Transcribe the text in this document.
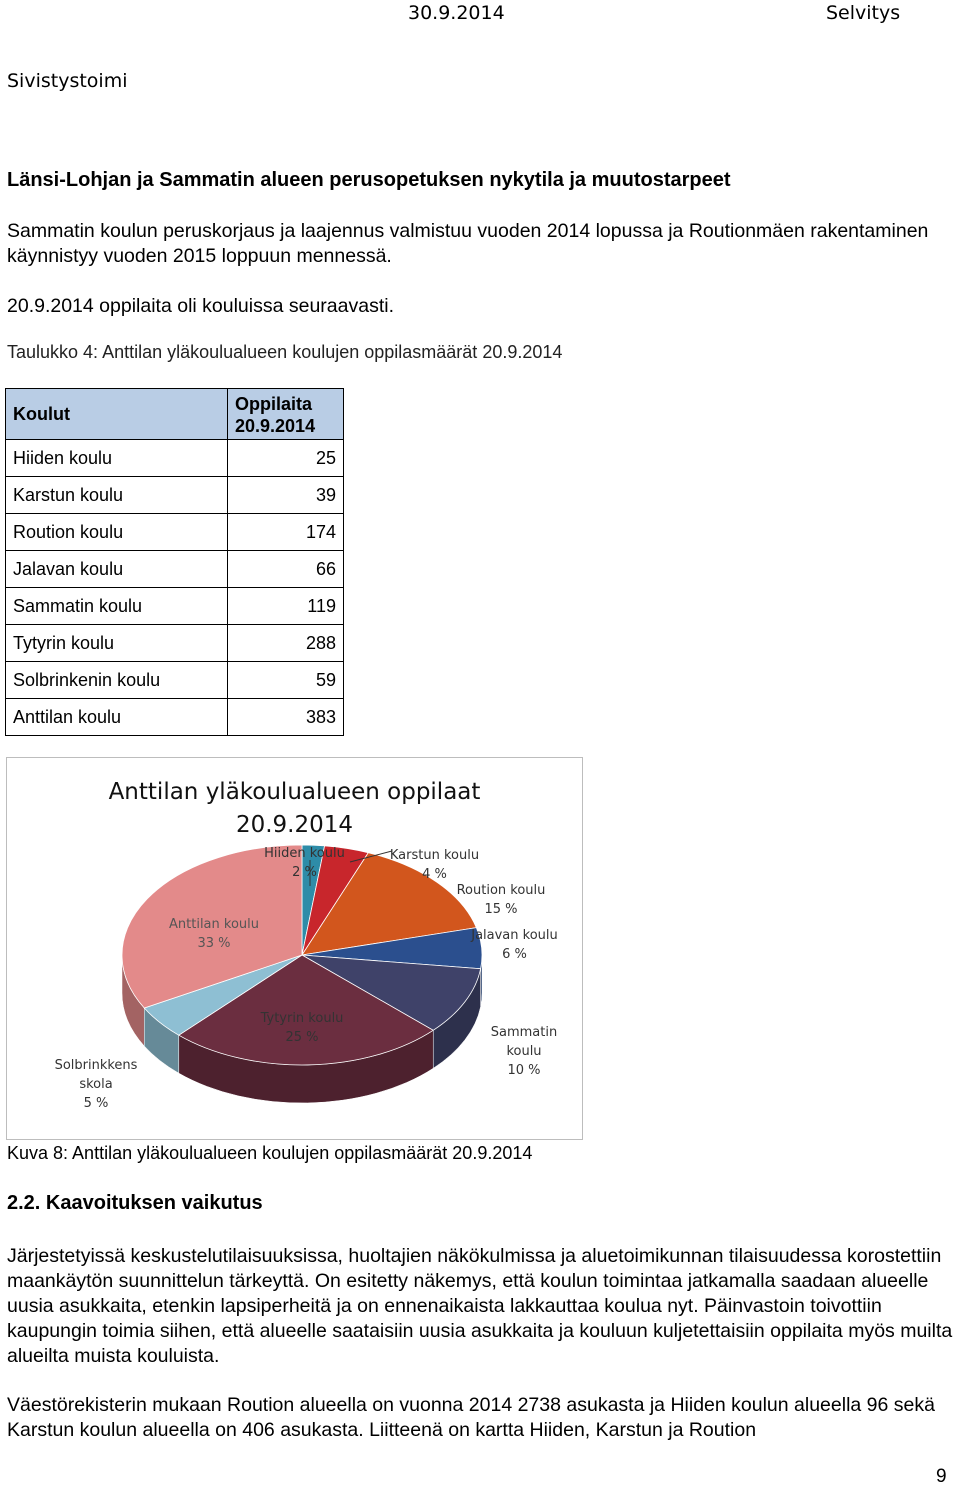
30.9.2014	Selvitys
Sivistystoimi
Länsi-Lohjan ja Sammatin alueen perusopetuksen nykytila ja muutostarpeet
Sammatin koulun peruskorjaus ja laajennus valmistuu vuoden 2014 lopussa ja Routionmäen rakentaminen käynnistyy vuoden 2015 loppuun mennessä.
20.9.2014 oppilaita oli kouluissa seuraavasti.
Taulukko 4: Anttilan yläkoulualueen koulujen oppilasmäärät 20.9.2014
Koulut	Oppilaita 20.9.2014
Hiiden koulu	25
Karstun koulu	39
Roution koulu	174
Jalavan koulu	66
Sammatin koulu	119
Tytyrin koulu	288
Solbrinkenin koulu	59
Anttilan koulu	383
Anttilan yläkoulualueen oppilaat 20.9.2014
Hiiden koulu
2 %
Karstun koulu
4 %
Roution koulu
15 %
Jalavan koulu
6 %
Sammatin koulu
10 %
Tytyrin koulu
25 %
Solbrinkkens skola
5 %
Anttilan koulu
33 %
Kuva 8: Anttilan yläkoulualueen koulujen oppilasmäärät 20.9.2014
2.2. Kaavoituksen vaikutus
Järjestetyissä keskustelutilaisuuksissa, huoltajien näkökulmissa ja aluetoimikunnan tilaisuudessa korostettiin maankäytön suunnittelun tärkeyttä. On esitetty näkemys, että koulun toimintaa jatkamalla saadaan alueelle uusia asukkaita, etenkin lapsiperheitä ja on ennenaikaista lakkauttaa koulua nyt. Päinvastoin toivottiin kaupungin toimia siihen, että alueelle saataisiin uusia asukkaita ja kouluun kuljetettaisiin oppilaita myös muilta alueilta muista kouluista.
Väestörekisterin mukaan Roution alueella on vuonna 2014 2738 asukasta ja Hiiden koulun alueella 96 sekä Karstun koulun alueella on 406 asukasta. Liitteenä on kartta Hiiden, Karstun ja Roution
9
